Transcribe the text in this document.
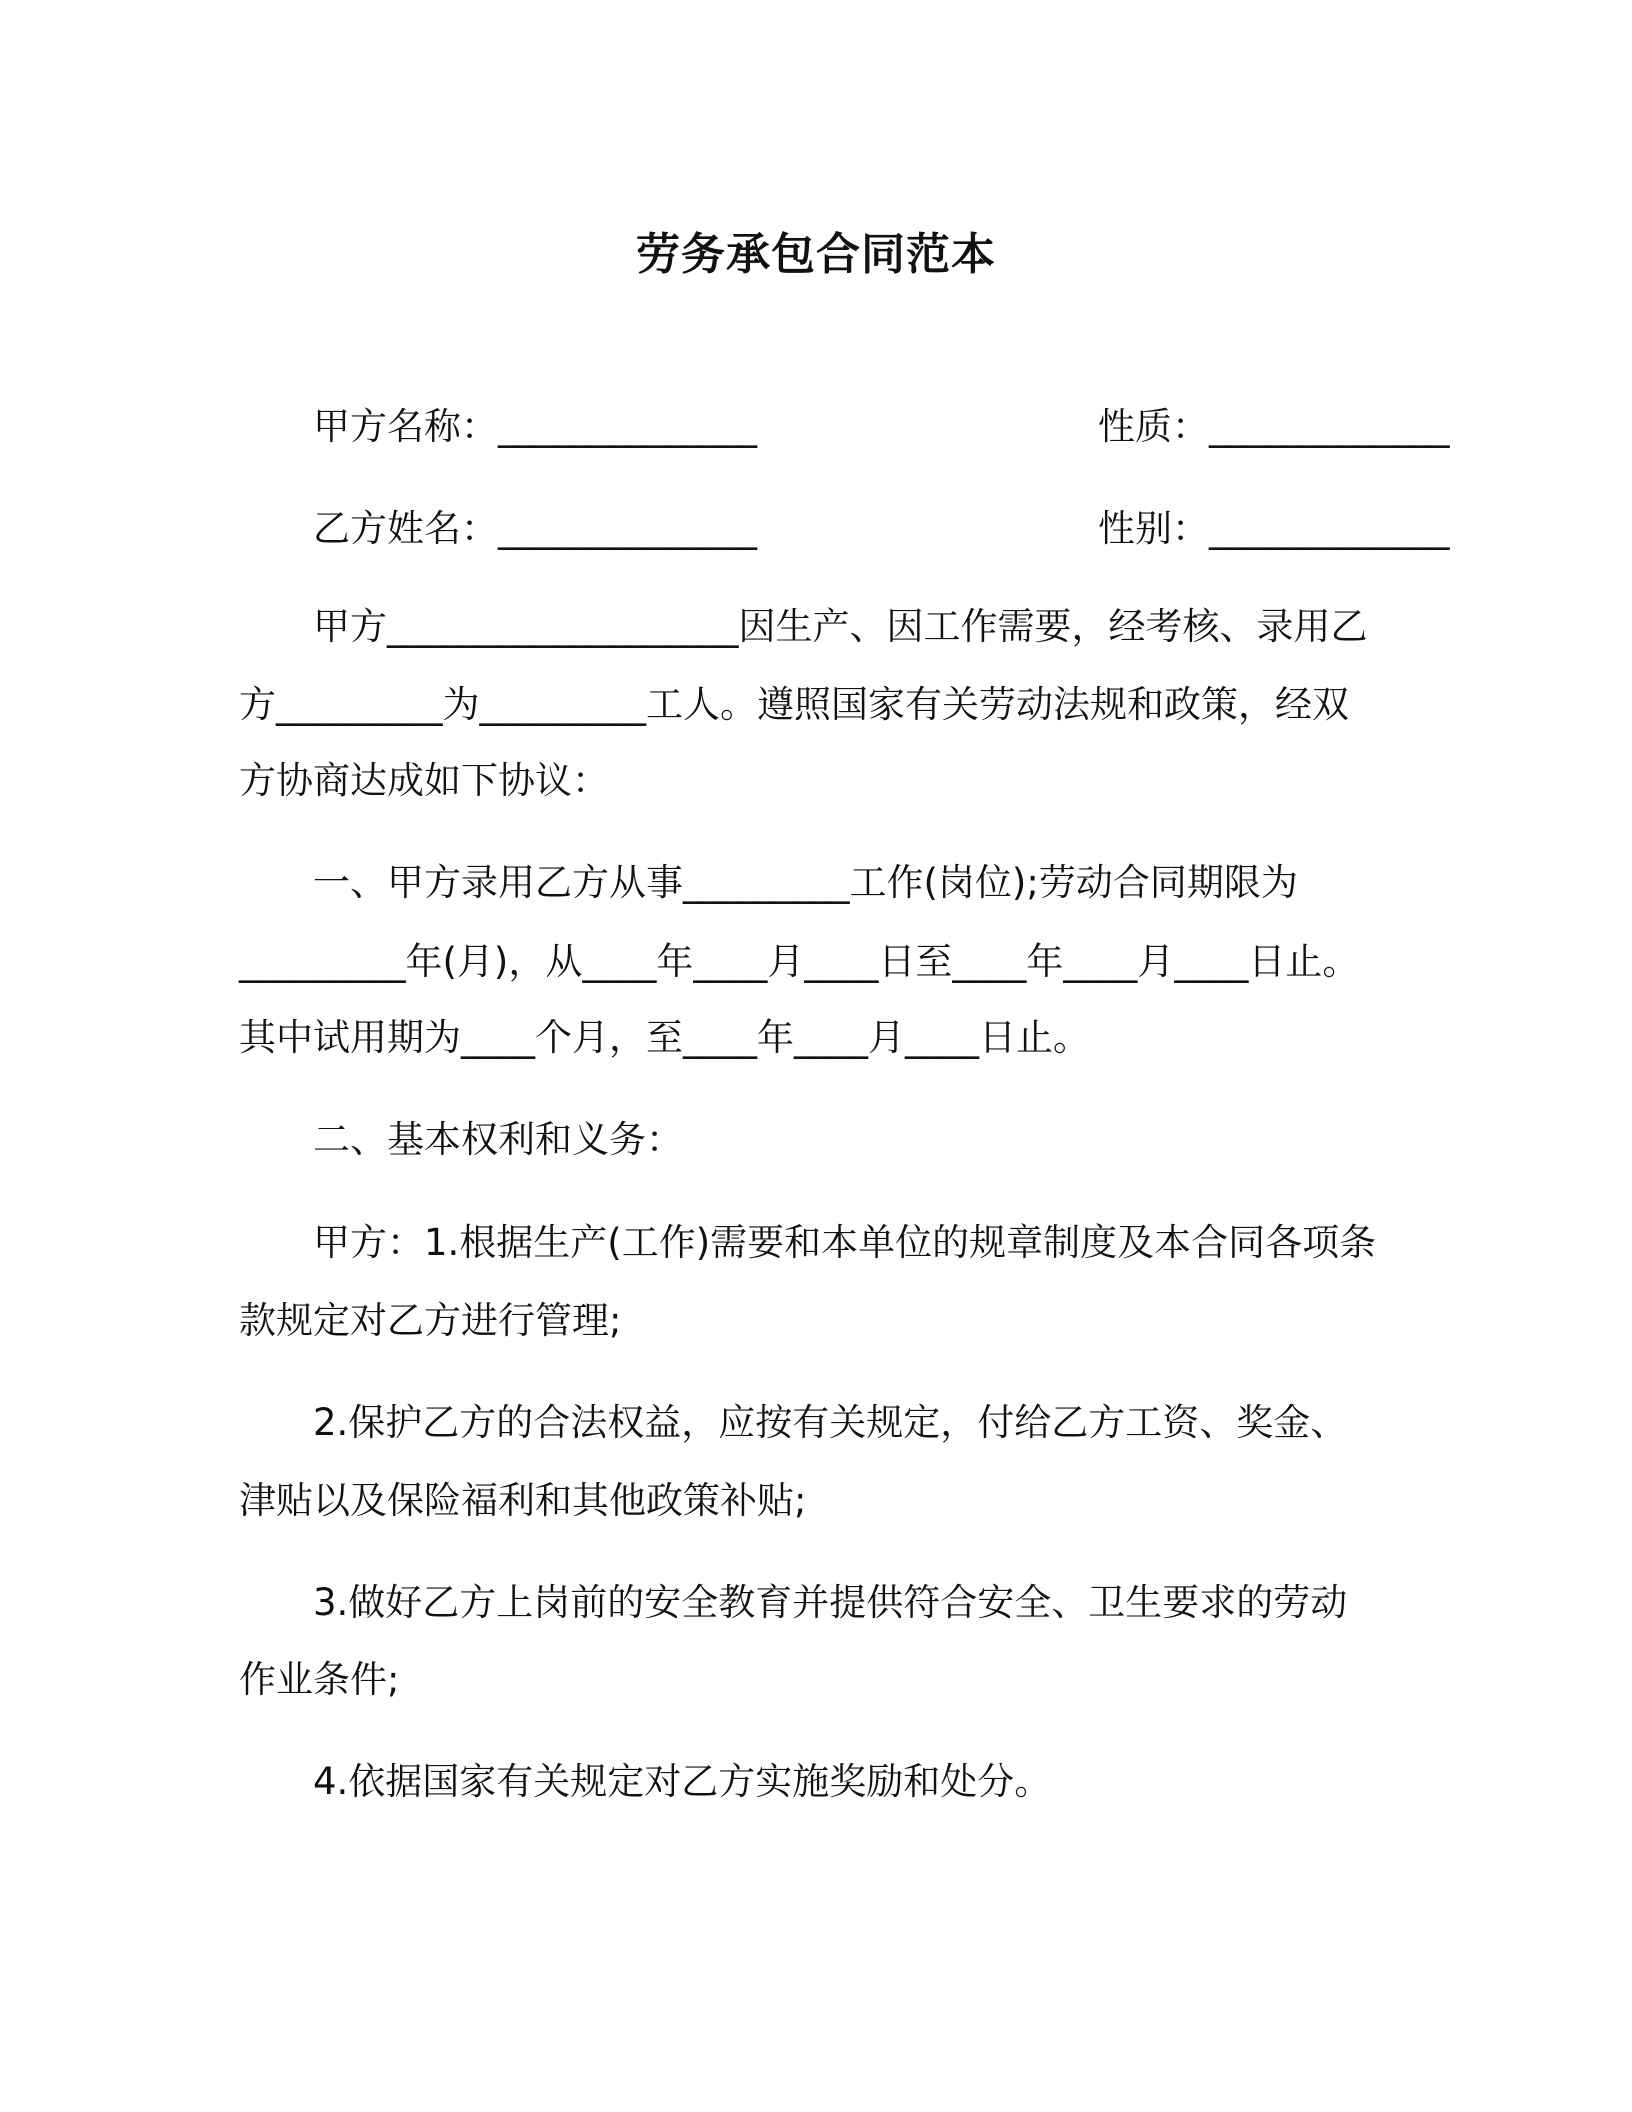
劳务承包合同范本
甲方名称：______________	性质：_____________
乙方姓名：______________	性别：_____________
甲方___________________因生产、因工作需要，经考核、录用乙
方_________为_________工人。遵照国家有关劳动法规和政策，经双
方协商达成如下协议：
一、甲方录用乙方从事_________工作(岗位);劳动合同期限为
_________年(月)，从____年____月____日至____年____月____日止。
其中试用期为____个月，至____年____月____日止。
二、基本权利和义务：
甲方：1.根据生产(工作)需要和本单位的规章制度及本合同各项条
款规定对乙方进行管理;
2.保护乙方的合法权益，应按有关规定，付给乙方工资、奖金、
津贴以及保险福利和其他政策补贴;
3.做好乙方上岗前的安全教育并提供符合安全、卫生要求的劳动
作业条件;
4.依据国家有关规定对乙方实施奖励和处分。
